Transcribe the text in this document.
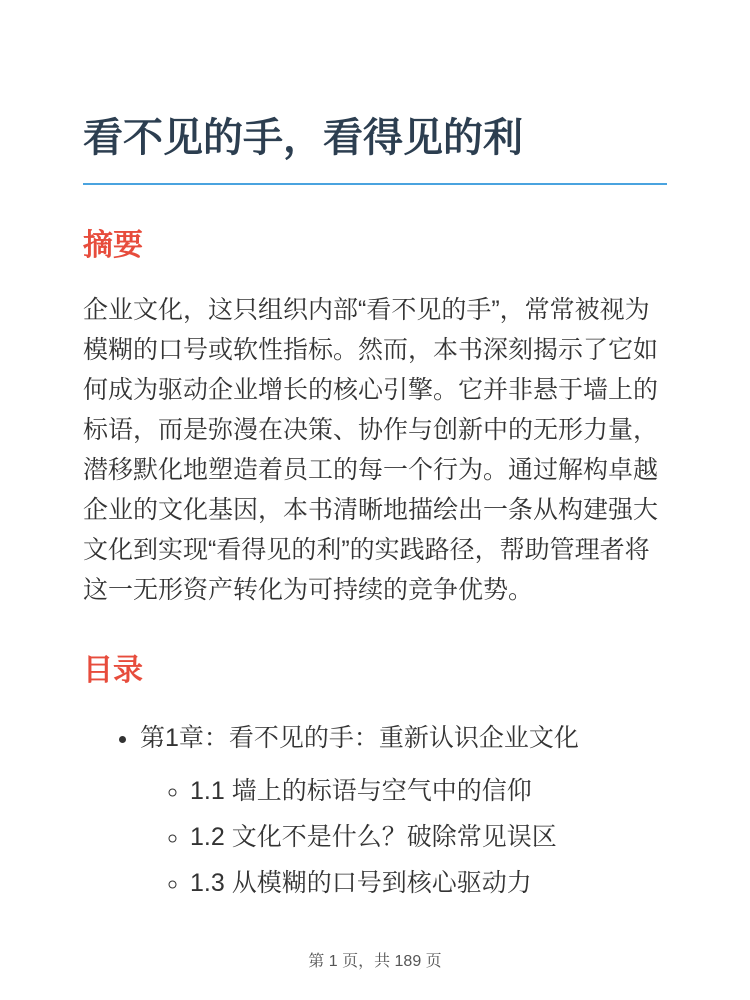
看不见的手，看得见的利
摘要

企业文化，这只组织内部“看不见的手”，常常被视为模糊的口号或软性指标。然而，本书深刻揭示了它如何成为驱动企业增长的核心引擎。它并非悬于墙上的标语，而是弥漫在决策、协作与创新中的无形力量，潜移默化地塑造着员工的每一个行为。通过解构卓越企业的文化基因，本书清晰地描绘出一条从构建强大文化到实现“看得见的利”的实践路径，帮助管理者将这一无形资产转化为可持续的竞争优势。

目录
• 第1章：看不见的手：重新认识企业文化
◦ 1.1 墙上的标语与空气中的信仰
◦ 1.2 文化不是什么？破除常见误区
◦ 1.3 从模糊的口号到核心驱动力
第 1 页，共 189 页
